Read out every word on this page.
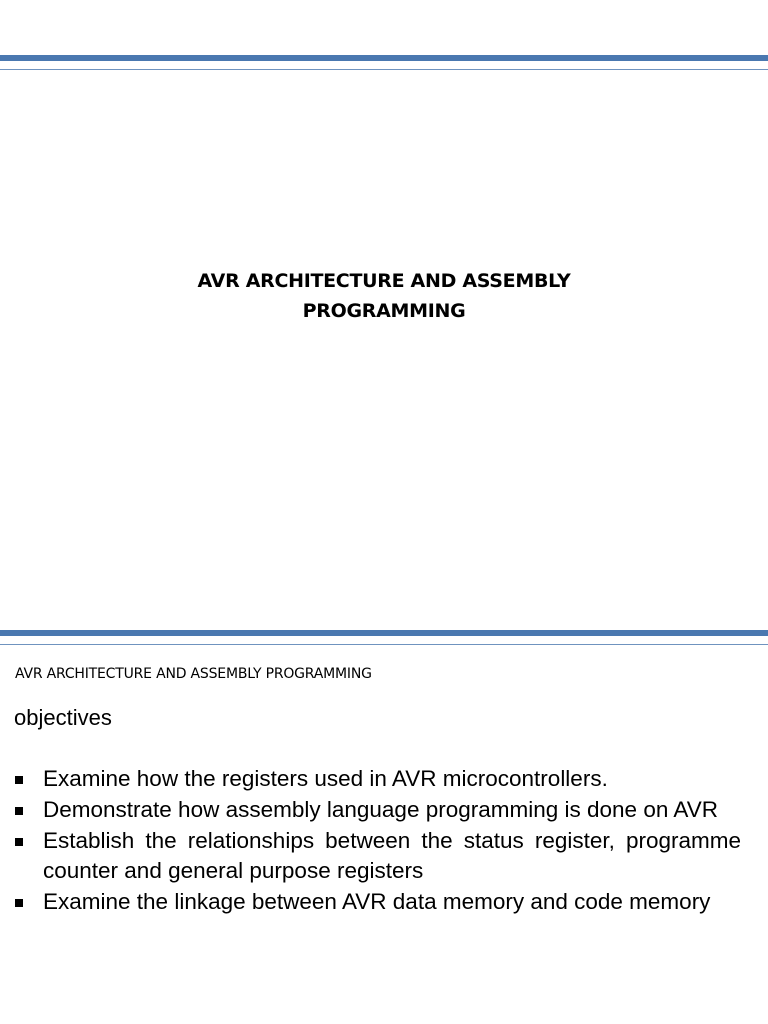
AVR ARCHITECTURE AND ASSEMBLY
PROGRAMMING
AVR ARCHITECTURE AND ASSEMBLY PROGRAMMING
objectives
Examine how the registers used in AVR microcontrollers.
Demonstrate how assembly language programming is done on AVR
Establish the relationships between the status register, programme counter and general purpose registers
Examine the linkage between AVR data memory and code memory
